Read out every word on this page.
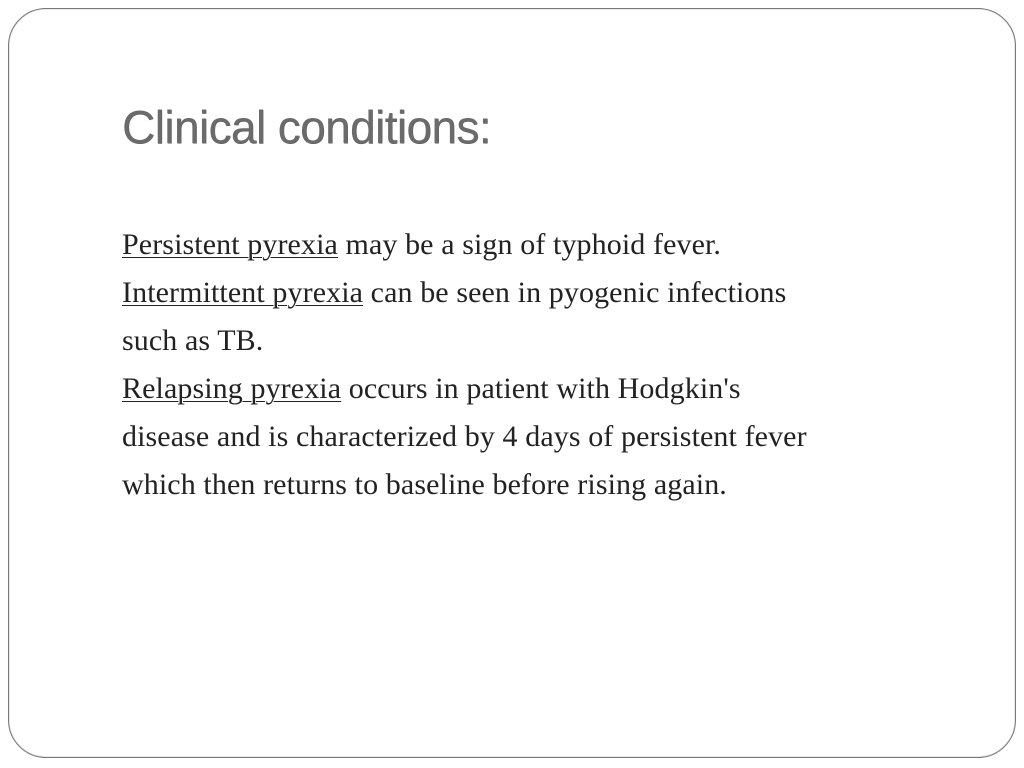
Clinical conditions:
Persistent pyrexia may be a sign of typhoid fever.
Intermittent pyrexia can be seen in pyogenic infections
such as TB.
Relapsing pyrexia occurs in patient with Hodgkin's
disease and is characterized by 4 days of persistent fever
which then returns to baseline before rising again.
